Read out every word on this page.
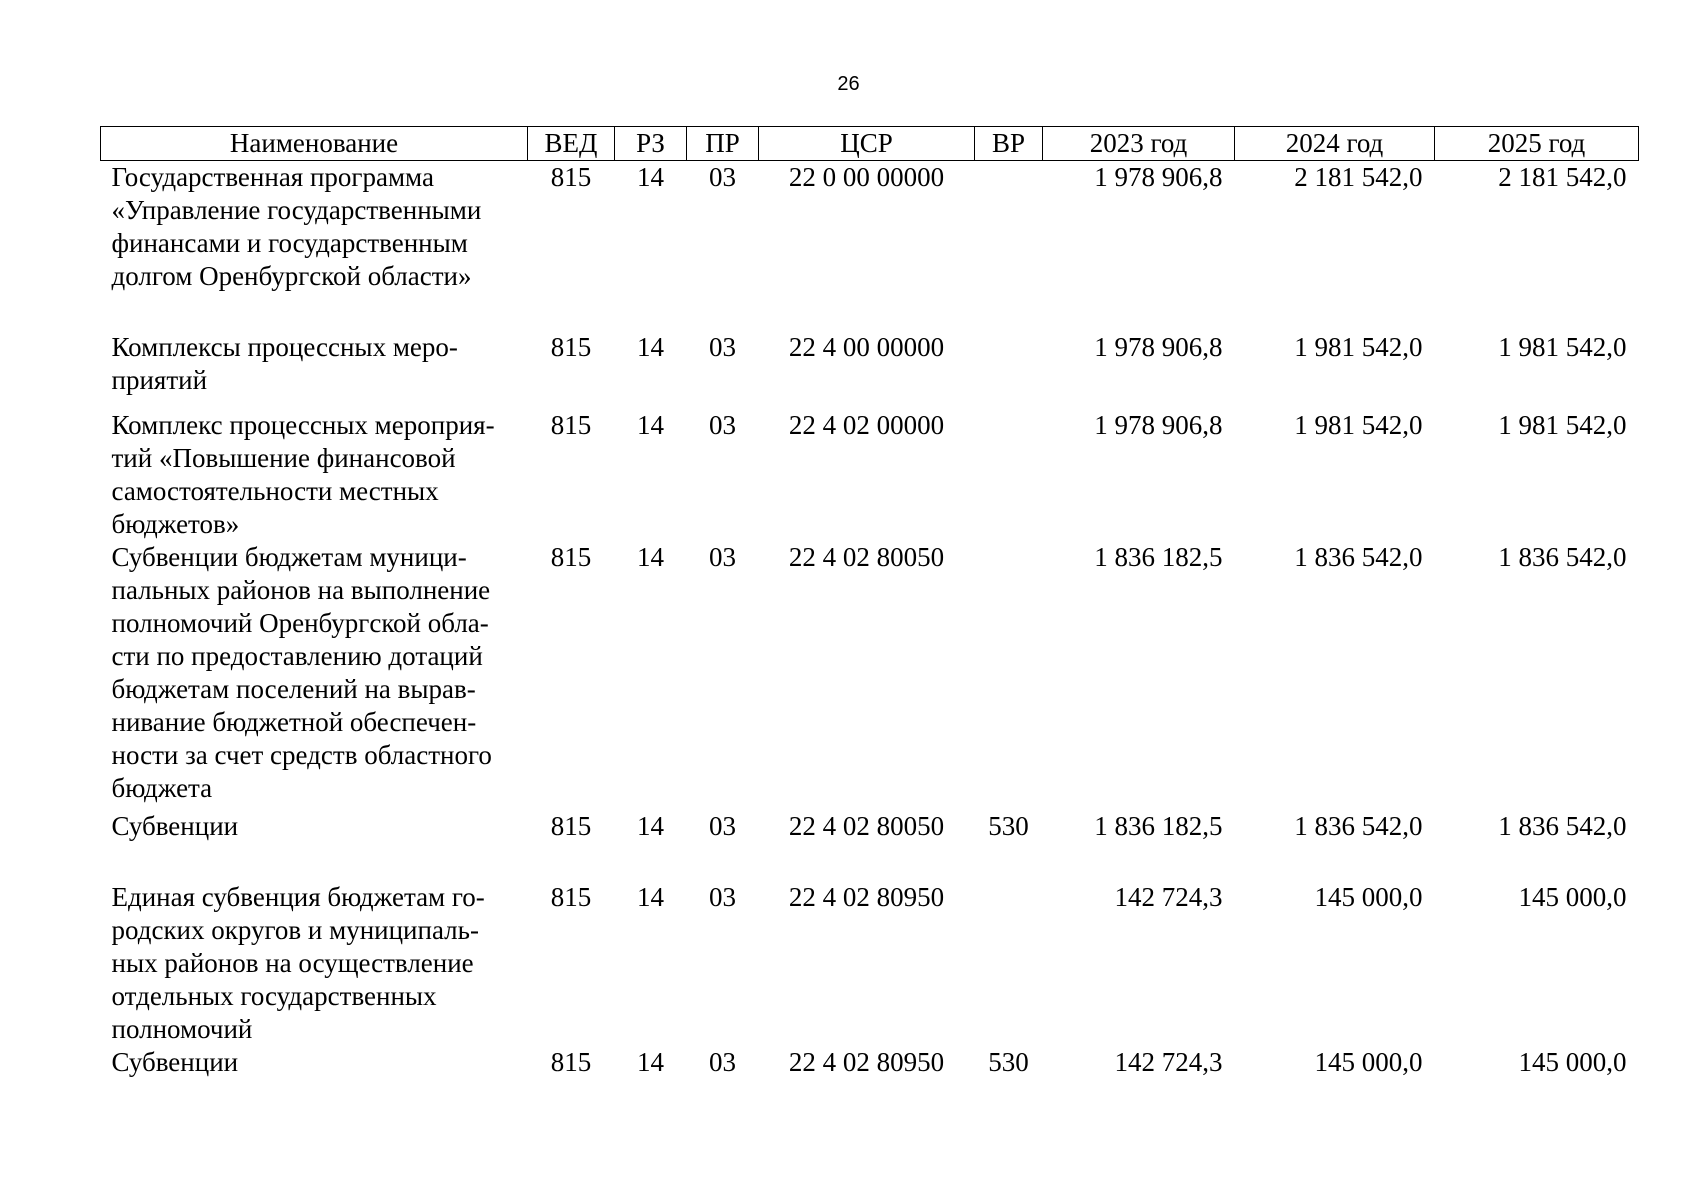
26
Наименование	ВЕД	РЗ	ПР	ЦСР	ВР	2023 год	2024 год	2025 год
Государственная программа «Управление государственными финансами и государственным долгом Оренбургской области»	815	14	03	22 0 00 00000		1 978 906,8	2 181 542,0	2 181 542,0
Комплексы процессных меро-приятий	815	14	03	22 4 00 00000		1 978 906,8	1 981 542,0	1 981 542,0
Комплекс процессных мероприя-тий «Повышение финансовой самостоятельности местных бюджетов»	815	14	03	22 4 02 00000		1 978 906,8	1 981 542,0	1 981 542,0
Субвенции бюджетам муници-пальных районов на выполнение полномочий Оренбургской обла-сти по предоставлению дотаций бюджетам поселений на вырав-нивание бюджетной обеспечен-ности за счет средств областного бюджета	815	14	03	22 4 02 80050		1 836 182,5	1 836 542,0	1 836 542,0
Субвенции	815	14	03	22 4 02 80050	530	1 836 182,5	1 836 542,0	1 836 542,0
Единая субвенция бюджетам го-родских округов и муниципаль-ных районов на осуществление отдельных государственных полномочий	815	14	03	22 4 02 80950		142 724,3	145 000,0	145 000,0
Субвенции	815	14	03	22 4 02 80950	530	142 724,3	145 000,0	145 000,0
